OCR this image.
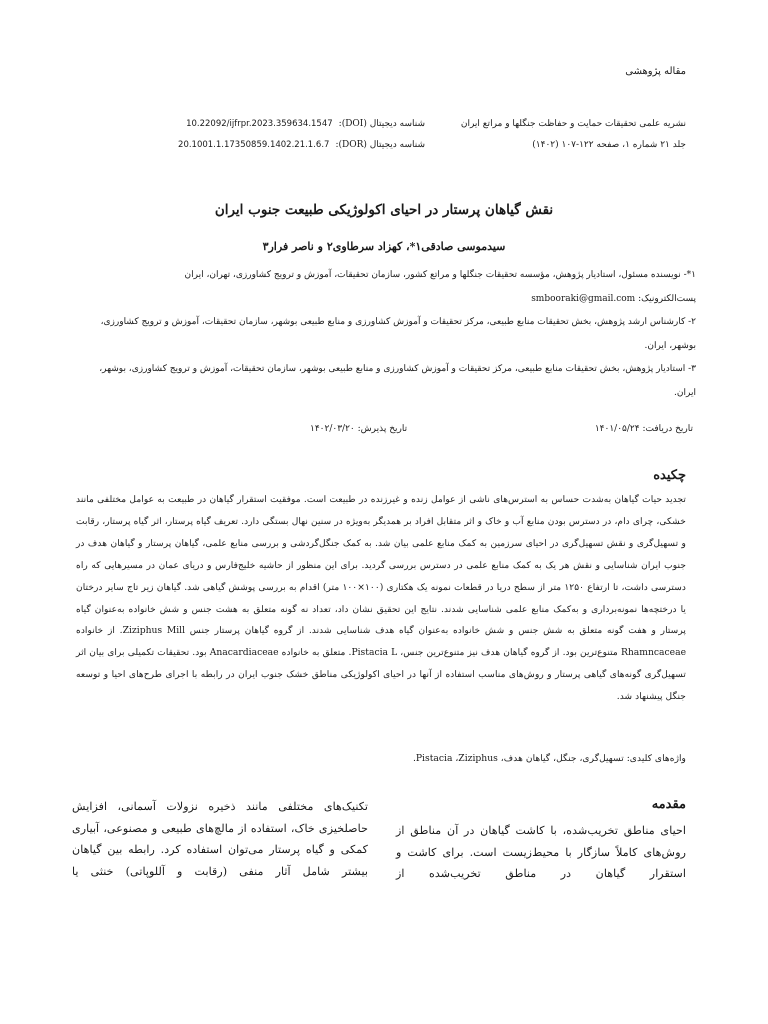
مقاله پژوهشی
نشریه علمی تحقیقات حمایت و حفاظت جنگلها و مراتع ایران
جلد ۲۱ شماره ۱، صفحه ۱۲۲-۱۰۷ (۱۴۰۲)
شناسه دیجیتال (DOI):
10.22092/ijfrpr.2023.359634.1547
شناسه دیجیتال (DOR):
20.1001.1.17350859.1402.21.1.6.7
نقش گیاهان پرستار در احیای اکولوژیکی طبیعت جنوب ایران
سیدموسی صادقی۱*، کهزاد سرطاوی۲ و ناصر فرار۳
۱*- نویسنده مسئول، استادیار پژوهش، مؤسسه تحقیقات جنگلها و مراتع کشور، سازمان تحقیقات، آموزش و ترویج کشاورزی، تهران، ایران
پست‌الکترونیک: smbooraki@gmail.com
۲- کارشناس ارشد پژوهش، بخش تحقیقات منابع طبیعی، مرکز تحقیقات و آموزش کشاورزی و منابع طبیعی بوشهر، سازمان تحقیقات، آموزش و ترویج کشاورزی،
بوشهر، ایران.
۳- استادیار پژوهش، بخش تحقیقات منابع طبیعی، مرکز تحقیقات و آموزش کشاورزی و منابع طبیعی بوشهر، سازمان تحقیقات، آموزش و ترویج کشاورزی، بوشهر،
ایران.
تاریخ دریافت: ۱۴۰۱/۰۵/۲۴
تاریخ پذیرش: ۱۴۰۲/۰۳/۲۰
چکیده
تجدید حیات گیاهان به‌شدت حساس به استرس‌های ناشی از عوامل زنده و غیرزنده در طبیعت است. موفقیت استقرار گیاهان در طبیعت به عوامل مختلفی مانند خشکی، چرای دام، در دسترس بودن منابع آب و خاک و اثر متقابل افراد بر همدیگر به‌ویژه در سنین نهال بستگی دارد. تعریف گیاه پرستار، اثر گیاه پرستار، رقابت و تسهیل‌گری و نقش تسهیل‌گری در احیای سرزمین به کمک منابع علمی بیان شد. به کمک جنگل‌گردشی و بررسی منابع علمی، گیاهان پرستار و گیاهان هدف در جنوب ایران شناسایی و نقش هر یک به کمک منابع علمی در دسترس بررسی گردید. برای این منظور از حاشیه خلیج‌فارس و دریای عمان در مسیرهایی که راه دسترسی داشت، تا ارتفاع ۱۲۵۰ متر از سطح دریا در قطعات نمونه یک هکتاری (۱۰۰×۱۰۰ متر) اقدام به بررسی پوشش گیاهی شد. گیاهان زیر تاج سایر درختان یا درختچه‌ها نمونه‌برداری و به‌کمک منابع علمی شناسایی شدند. نتایج این تحقیق نشان داد، تعداد نه گونه متعلق به هشت جنس و شش خانواده به‌عنوان گیاه پرستار و هفت گونه متعلق به شش جنس و شش خانواده به‌عنوان گیاه هدف شناسایی شدند. از گروه گیاهان پرستار جنس Ziziphus Mill. از خانواده Rhamncaceae متنوع‌ترین بود. از گروه گیاهان هدف نیز متنوع‌ترین جنس، Pistacia L. متعلق به خانواده Anacardiaceae بود. تحقیقات تکمیلی برای بیان اثر تسهیل‌گری گونه‌های گیاهی پرستار و روش‌های مناسب استفاده از آنها در احیای اکولوژیکی مناطق خشک جنوب ایران در رابطه با اجرای طرح‌های احیا و توسعه جنگل پیشنهاد شد.
واژه‌های کلیدی: تسهیل‌گری، جنگل، گیاهان هدف، Pistacia ،Ziziphus.
مقدمه
احیای مناطق تخریب‌شده، با کاشت گیاهان در آن مناطق از روش‌های کاملاً سازگار با محیط‌زیست است. برای کاشت و استقرار گیاهان در مناطق تخریب‌شده از
تکنیک‌های مختلفی مانند ذخیره نزولات آسمانی، افزایش حاصلخیزی خاک، استفاده از مالچ‌های طبیعی و مصنوعی، آبیاری کمکی و گیاه پرستار می‌توان استفاده کرد. رابطه بین گیاهان بیشتر شامل آثار منفی (رقابت و آللوپاتی) خنثی یا
